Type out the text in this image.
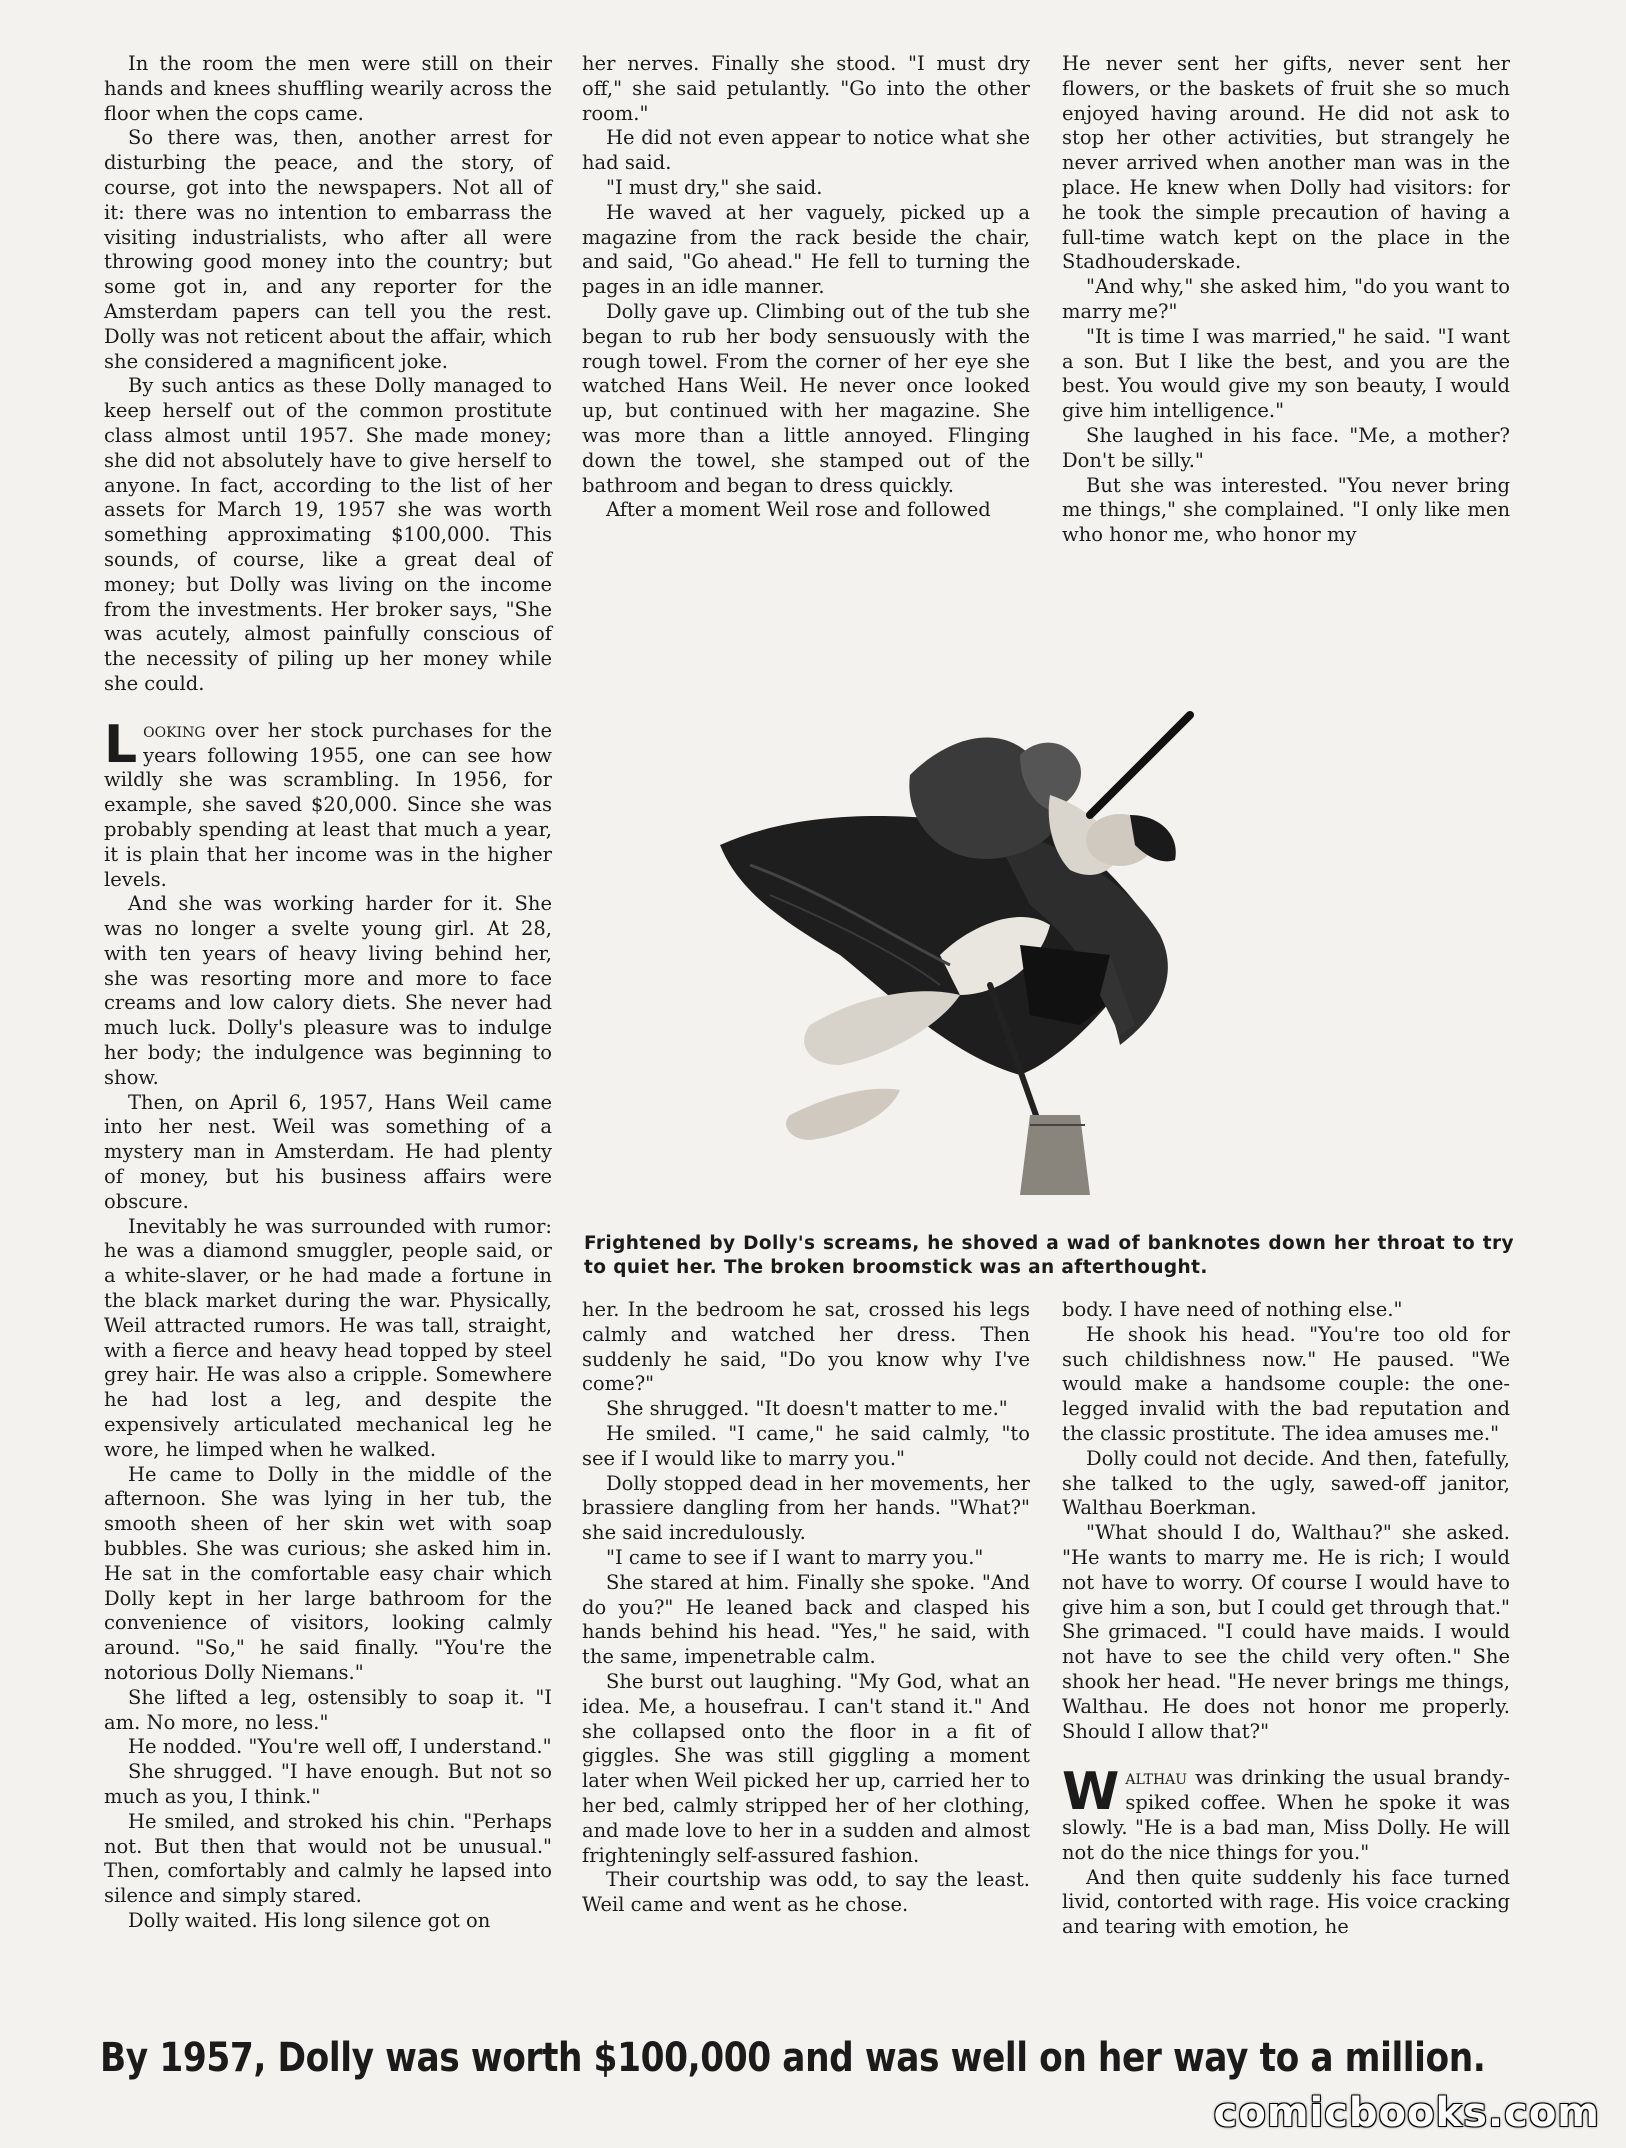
In the room the men were still on their hands and knees shuffling wearily across the floor when the cops came.

So there was, then, another arrest for disturbing the peace, and the story, of course, got into the newspapers. Not all of it: there was no intention to embarrass the visiting industrialists, who after all were throwing good money into the country; but some got in, and any reporter for the Amsterdam papers can tell you the rest. Dolly was not reticent about the affair, which she considered a magnificent joke.

By such antics as these Dolly managed to keep herself out of the common prostitute class almost until 1957. She made money; she did not absolutely have to give herself to anyone. In fact, according to the list of her assets for March 19, 1957 she was worth something approximating $100,000. This sounds, of course, like a great deal of money; but Dolly was living on the income from the investments. Her broker says, "She was acutely, almost painfully conscious of the necessity of piling up her money while she could.

Looking over her stock purchases for the years following 1955, one can see how wildly she was scrambling. In 1956, for example, she saved $20,000. Since she was probably spending at least that much a year, it is plain that her income was in the higher levels.

And she was working harder for it. She was no longer a svelte young girl. At 28, with ten years of heavy living behind her, she was resorting more and more to face creams and low calory diets. She never had much luck. Dolly's pleasure was to indulge her body; the indulgence was beginning to show.

Then, on April 6, 1957, Hans Weil came into her nest. Weil was something of a mystery man in Amsterdam. He had plenty of money, but his business affairs were obscure.

Inevitably he was surrounded with rumor: he was a diamond smuggler, people said, or a white-slaver, or he had made a fortune in the black market during the war. Physically, Weil attracted rumors. He was tall, straight, with a fierce and heavy head topped by steel grey hair. He was also a cripple. Somewhere he had lost a leg, and despite the expensively articulated mechanical leg he wore, he limped when he walked.

He came to Dolly in the middle of the afternoon. She was lying in her tub, the smooth sheen of her skin wet with soap bubbles. She was curious; she asked him in. He sat in the comfortable easy chair which Dolly kept in her large bathroom for the convenience of visitors, looking calmly around. "So," he said finally. "You're the notorious Dolly Niemans."

She lifted a leg, ostensibly to soap it. "I am. No more, no less."

He nodded. "You're well off, I understand."

She shrugged. "I have enough. But not so much as you, I think."

He smiled, and stroked his chin. "Perhaps not. But then that would not be unusual." Then, comfortably and calmly he lapsed into silence and simply stared.

Dolly waited. His long silence got on

her nerves. Finally she stood. "I must dry off," she said petulantly. "Go into the other room."

He did not even appear to notice what she had said.

"I must dry," she said.

He waved at her vaguely, picked up a magazine from the rack beside the chair, and said, "Go ahead." He fell to turning the pages in an idle manner.

Dolly gave up. Climbing out of the tub she began to rub her body sensuously with the rough towel. From the corner of her eye she watched Hans Weil. He never once looked up, but continued with her magazine. She was more than a little annoyed. Flinging down the towel, she stamped out of the bathroom and began to dress quickly.

After a moment Weil rose and followed

He never sent her gifts, never sent her flowers, or the baskets of fruit she so much enjoyed having around. He did not ask to stop her other activities, but strangely he never arrived when another man was in the place. He knew when Dolly had visitors: for he took the simple precaution of having a full-time watch kept on the place in the Stadhouderskade.

"And why," she asked him, "do you want to marry me?"

"It is time I was married," he said. "I want a son. But I like the best, and you are the best. You would give my son beauty, I would give him intelligence."

She laughed in his face. "Me, a mother? Don't be silly."

But she was interested. "You never bring me things," she complained. "I only like men who honor me, who honor my

Frightened by Dolly's screams, he shoved a wad of banknotes down her throat to try to quiet her. The broken broomstick was an afterthought.

her. In the bedroom he sat, crossed his legs calmly and watched her dress. Then suddenly he said, "Do you know why I've come?"

She shrugged. "It doesn't matter to me."

He smiled. "I came," he said calmly, "to see if I would like to marry you."

Dolly stopped dead in her movements, her brassiere dangling from her hands. "What?" she said incredulously.

"I came to see if I want to marry you."

She stared at him. Finally she spoke. "And do you?" He leaned back and clasped his hands behind his head. "Yes," he said, with the same, impenetrable calm.

She burst out laughing. "My God, what an idea. Me, a housefrau. I can't stand it." And she collapsed onto the floor in a fit of giggles. She was still giggling a moment later when Weil picked her up, carried her to her bed, calmly stripped her of her clothing, and made love to her in a sudden and almost frighteningly self-assured fashion.

Their courtship was odd, to say the least. Weil came and went as he chose.

body. I have need of nothing else."

He shook his head. "You're too old for such childishness now." He paused. "We would make a handsome couple: the one-legged invalid with the bad reputation and the classic prostitute. The idea amuses me."

Dolly could not decide. And then, fatefully, she talked to the ugly, sawed-off janitor, Walthau Boerkman.

"What should I do, Walthau?" she asked. "He wants to marry me. He is rich; I would not have to worry. Of course I would have to give him a son, but I could get through that." She grimaced. "I could have maids. I would not have to see the child very often." She shook her head. "He never brings me things, Walthau. He does not honor me properly. Should I allow that?"

Walthau was drinking the usual brandy-spiked coffee. When he spoke it was slowly. "He is a bad man, Miss Dolly. He will not do the nice things for you."

And then quite suddenly his face turned livid, contorted with rage. His voice cracking and tearing with emotion, he

By 1957, Dolly was worth $100,000 and was well on her way to a million.
comicbooks.com
